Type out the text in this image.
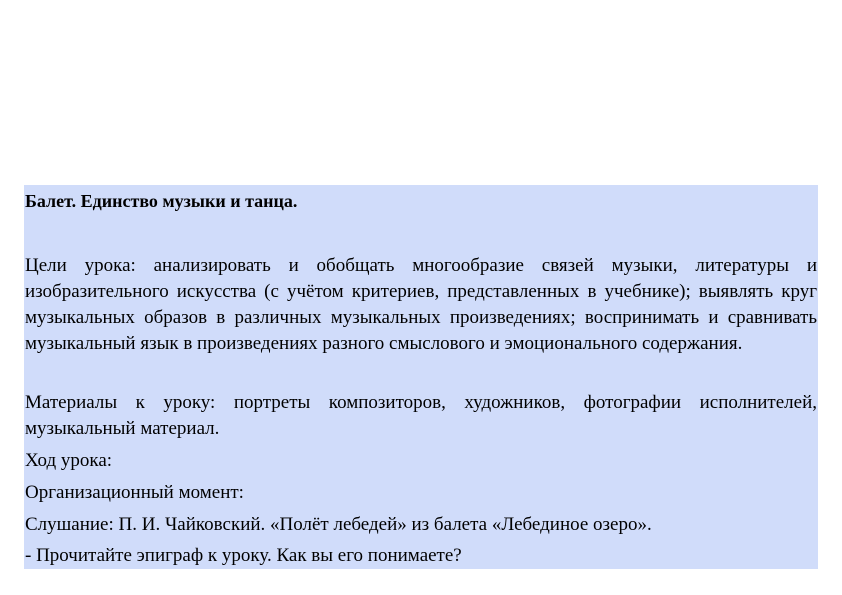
Балет. Единство музыки и танца.

Цели урока: анализировать и обобщать многообразие связей музыки, литературы и изобразительного искусства (с учётом критериев, представленных в учебнике); выявлять круг музыкальных образов в различных музыкальных произведениях; воспринимать и сравнивать музыкальный язык в произведениях разного смыслового и эмоционального содержания.

Материалы к уроку: портреты композиторов, художников, фотографии исполнителей, музыкальный материал.

Ход урока:

Организационный момент:

Слушание: П. И. Чайковский. «Полёт лебедей» из балета «Лебединое озеро».

- Прочитайте эпиграф к уроку. Как вы его понимаете?
